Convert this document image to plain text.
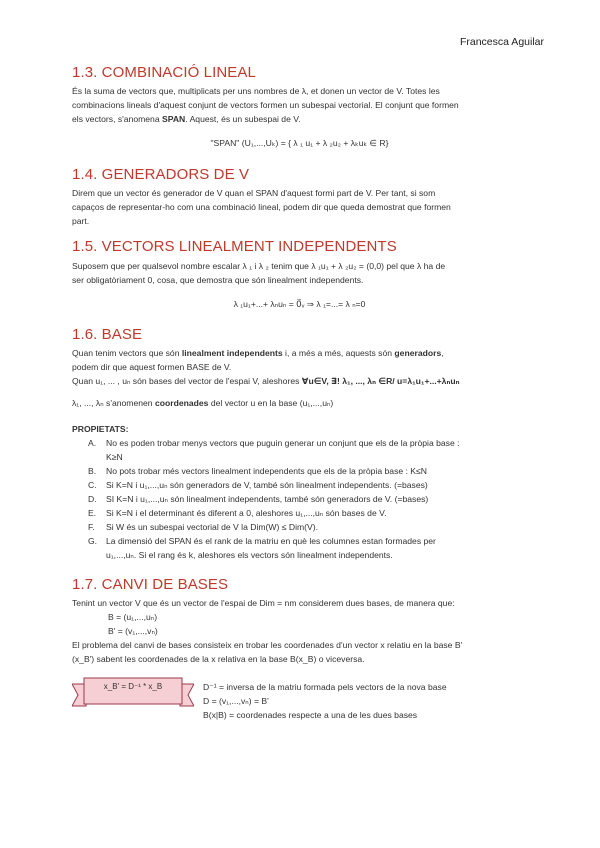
Francesca Aguilar
1.3. COMBINACIÓ LINEAL

És la suma de vectors que, multiplicats per uns nombres de λ, et donen un vector de V. Totes les

combinacions lineals d'aquest conjunt de vectors formen un subespai vectorial. El conjunt que formen

els vectors, s'anomena SPAN. Aquest, és un subespai de V.

"SPAN" (U₁,...,Uₖ) = { λ ₁ u₁ + λ ₂u₂ + λₖuₖ ∈ R}

1.4. GENERADORS DE V

Direm que un vector és generador de V quan el SPAN d'aquest formi part de V. Per tant, si som

capaços de representar-ho com una combinació lineal, podem dir que queda demostrat que formen

part.

1.5. VECTORS LINEALMENT INDEPENDENTS

Suposem que per qualsevol nombre escalar λ ₁ i λ ₂ tenim que λ ₁u₁ + λ ₂u₂ = (0,0) pel que λ ha de

ser obligatòriament 0, cosa, que demostra que són linealment independents.

λ ₁u₁+...+ λₙuₙ = 0⃗ᵥ ⇒ λ ₁=...= λ ₙ=0

1.6. BASE

Quan tenim vectors que són linealment independents i, a més a més, aquests són generadors,

podem dir que aquest formen BASE de V.

Quan u₁, ... , uₙ són bases del vector de l'espai V, aleshores ∀u∈V, ∃! λ₁, ..., λₙ ∈R/ u=λ₁u₁+...+λₙuₙ

λ₁, ..., λₙ s'anomenen coordenades del vector u en la base (u₁,...,uₙ)

PROPIETATS:

A. No es poden trobar menys vectors que puguin generar un conjunt que els de la pròpia base :
K≥N
B. No pots trobar més vectors linealment independents que els de la pròpia base : K≤N
C. Si K=N i u₁,...,uₙ són generadors de V, també són linealment independents. (=bases)
D. SI K=N i u₁,...,uₙ són linealment independents, també són generadors de V. (=bases)
E. Si K=N i el determinant és diferent a 0, aleshores u₁,...,uₙ són bases de V.
F. Si W és un subespai vectorial de V la Dim(W) ≤ Dim(V).
G. La dimensió del SPAN és el rank de la matriu en què les columnes estan formades per
u₁,...,uₙ. Si el rang és k, aleshores els vectors són linealment independents.
1.7. CANVI DE BASES

Tenint un vector V que és un vector de l'espai de Dim = nm considerem dues bases, de manera que:

B = (u₁,...,uₙ)

B' = (v₁,...,vₙ)

El problema del canvi de bases consisteix en trobar les coordenades d'un vector x relatiu en la base B'

(x_B') sabent les coordenades de la x relativa en la base B(x_B) o viceversa.

x_B' = D⁻¹ * x_B	D⁻¹ = inversa de la matriu formada pels vectors de la nova base

D = (v₁,...,vₙ) = B'

B(x|B) = coordenades respecte a una de les dues bases
